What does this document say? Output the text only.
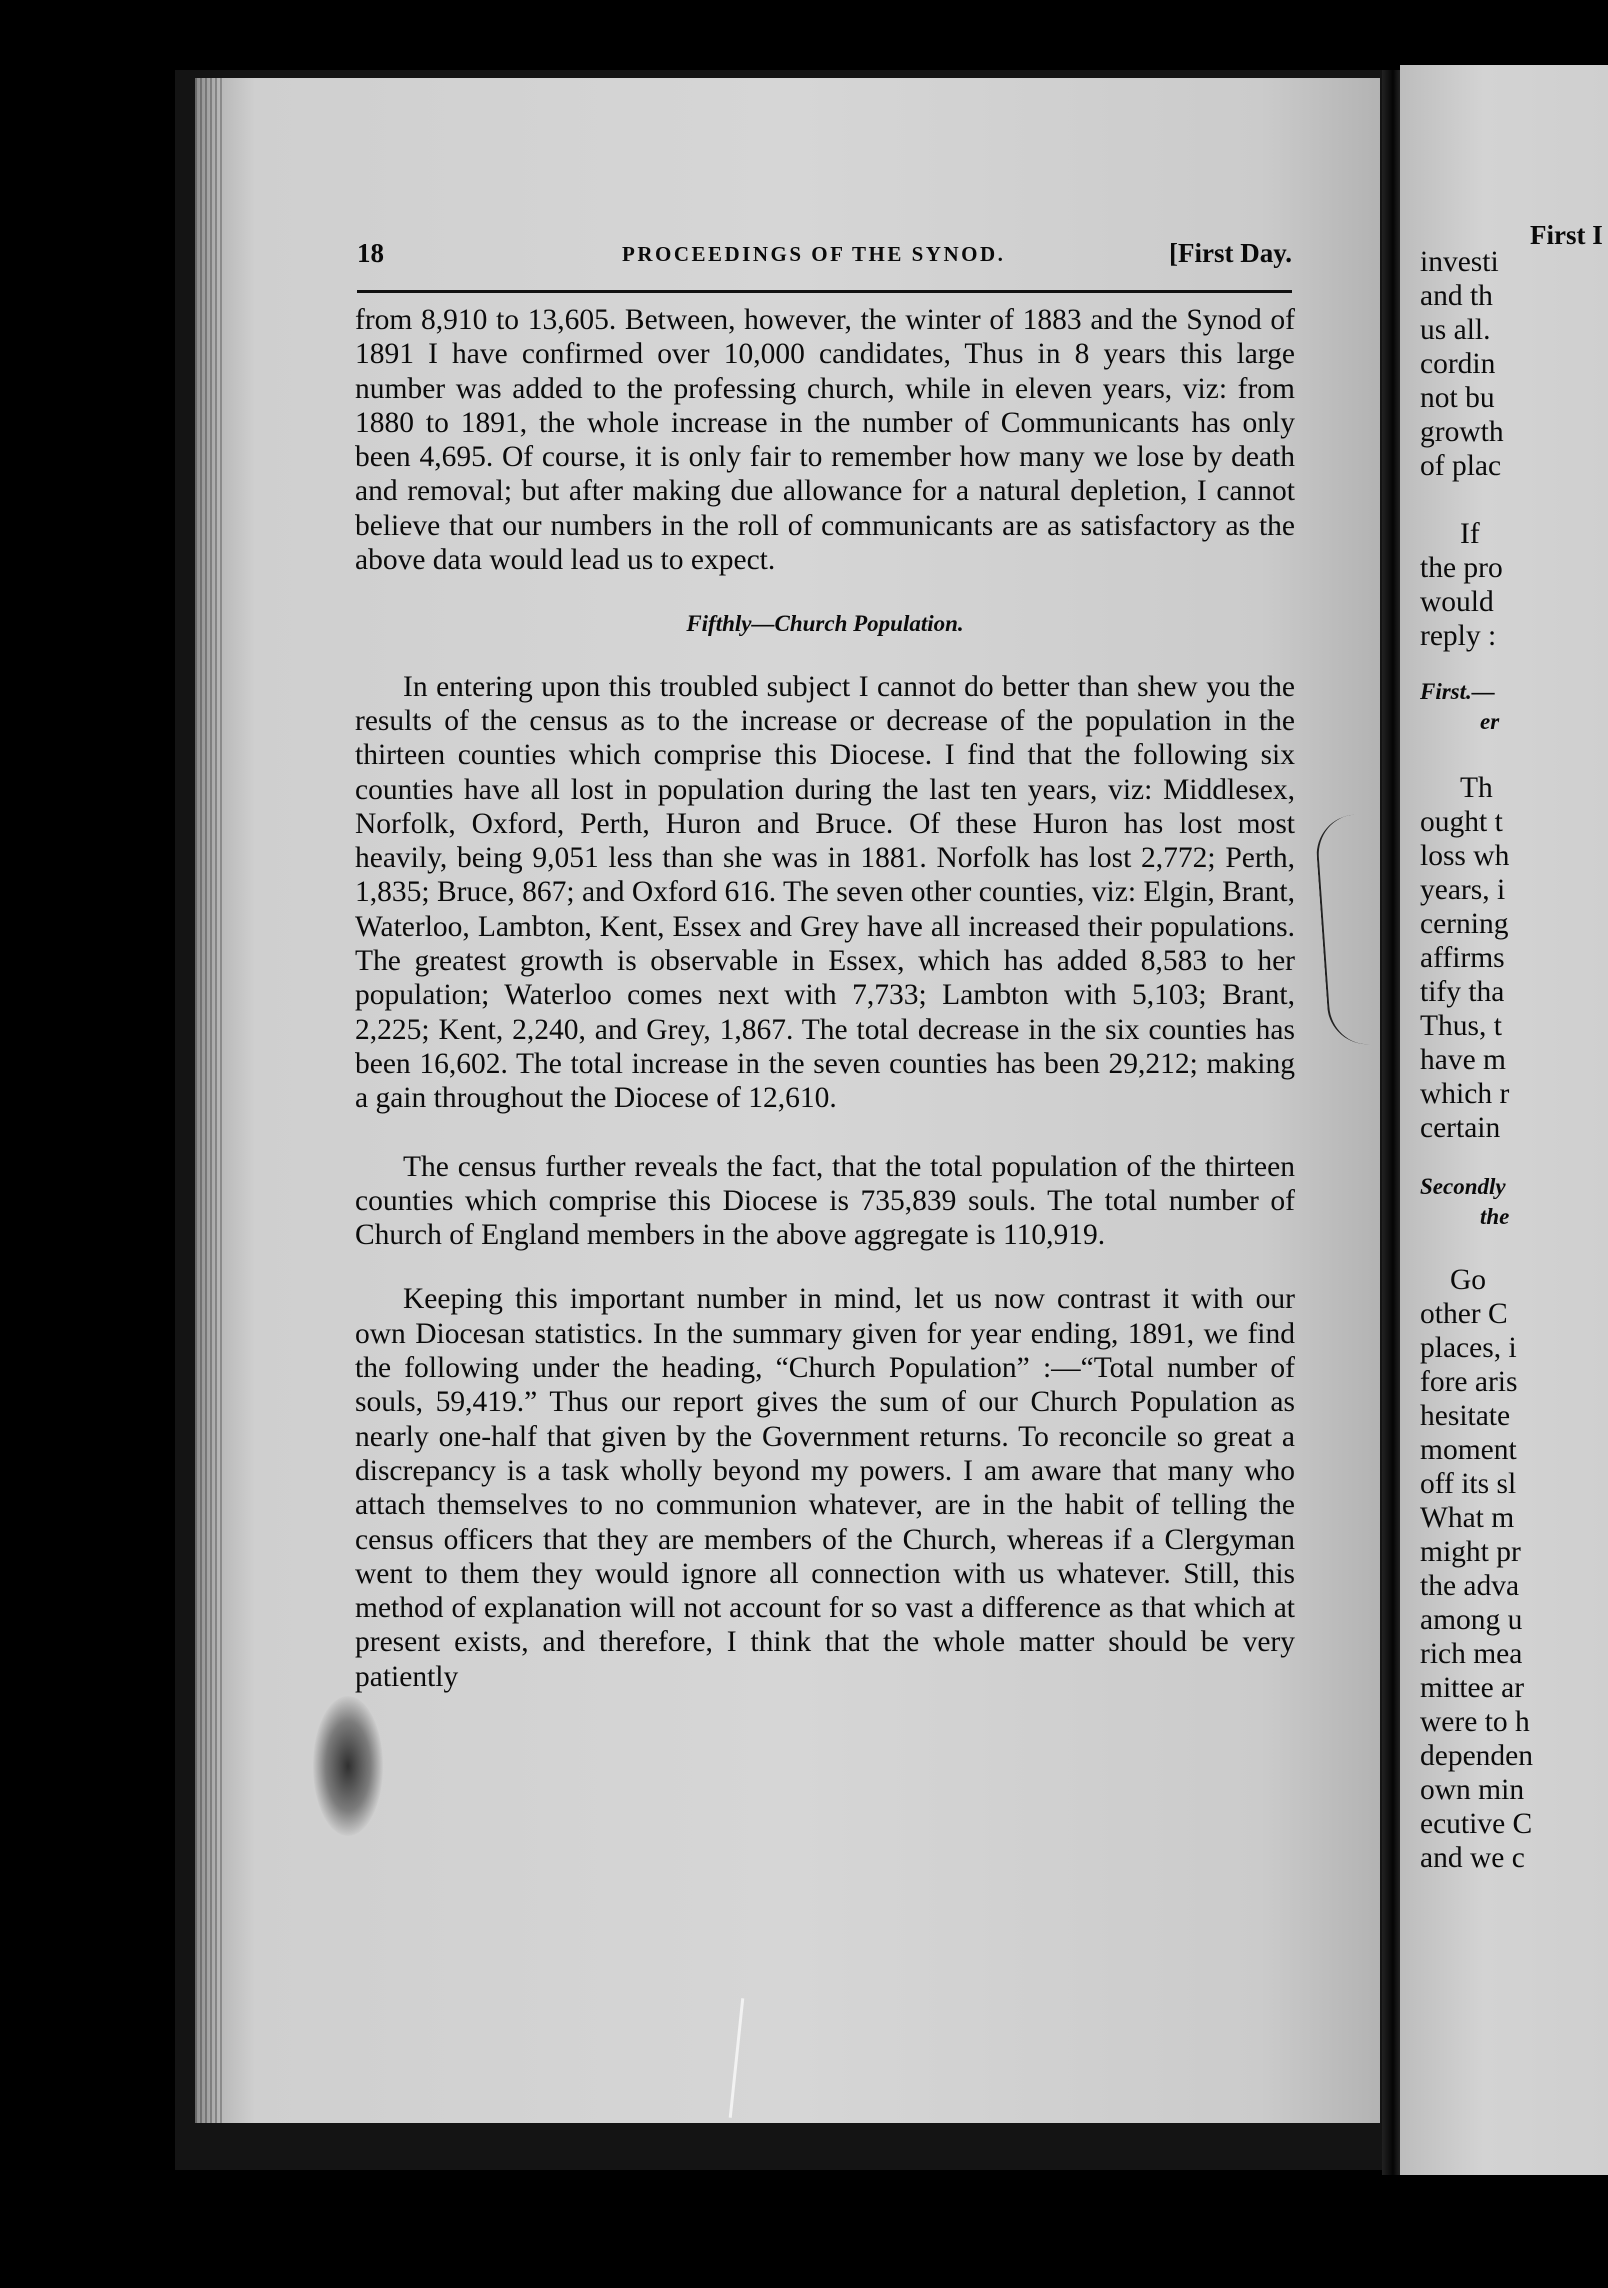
18	PROCEEDINGS OF THE SYNOD.	[First Day.

from 8,910 to 13,605. Between, however, the winter of 1883 and the Synod of 1891 I have confirmed over 10,000 candidates, Thus in 8 years this large number was added to the professing church, while in eleven years, viz: from 1880 to 1891, the whole increase in the number of Communicants has only been 4,695. Of course, it is only fair to remember how many we lose by death and removal; but after making due allowance for a natural depletion, I cannot believe that our numbers in the roll of communicants are as satisfactory as the above data would lead us to expect.

Fifthly—Church Population.

In entering upon this troubled subject I cannot do better than shew you the results of the census as to the increase or decrease of the population in the thirteen counties which comprise this Diocese. I find that the following six counties have all lost in population during the last ten years, viz: Middlesex, Norfolk, Oxford, Perth, Huron and Bruce. Of these Huron has lost most heavily, being 9,051 less than she was in 1881. Norfolk has lost 2,772; Perth, 1,835; Bruce, 867; and Oxford 616. The seven other counties, viz: Elgin, Brant, Waterloo, Lambton, Kent, Essex and Grey have all increased their populations. The greatest growth is observable in Essex, which has added 8,583 to her population; Waterloo comes next with 7,733; Lambton with 5,103; Brant, 2,225; Kent, 2,240, and Grey, 1,867. The total decrease in the six counties has been 16,602. The total increase in the seven counties has been 29,212; making a gain throughout the Diocese of 12,610.

The census further reveals the fact, that the total population of the thirteen counties which comprise this Diocese is 735,839 souls. The total number of Church of England members in the above aggregate is 110,919.

Keeping this important number in mind, let us now contrast it with our own Diocesan statistics. In the summary given for year ending, 1891, we find the following under the heading, “Church Population” :—“Total number of souls, 59,419.” Thus our report gives the sum of our Church Population as nearly one-half that given by the Government returns. To reconcile so great a discrepancy is a task wholly beyond my powers. I am aware that many who attach themselves to no communion whatever, are in the habit of telling the census officers that they are members of the Church, whereas if a Clergyman went to them they would ignore all connection with us whatever. Still, this method of explanation will not account for so vast a difference as that which at present exists, and therefore, I think that the whole matter should be very patiently

First I
investi
and th
us all.
cordin
not bu
growth
of plac
If
the pro
would
reply :
First.—
er
Th
ought t
loss wh
years, i
cerning
affirms
tify tha
Thus, t
have m
which r
certain
Secondly
the
Go
other C
places, i
fore aris
hesitate
moment
off its sl
What m
might pr
the adva
among u
rich mea
mittee ar
were to h
dependen
own min
ecutive C
and we c
